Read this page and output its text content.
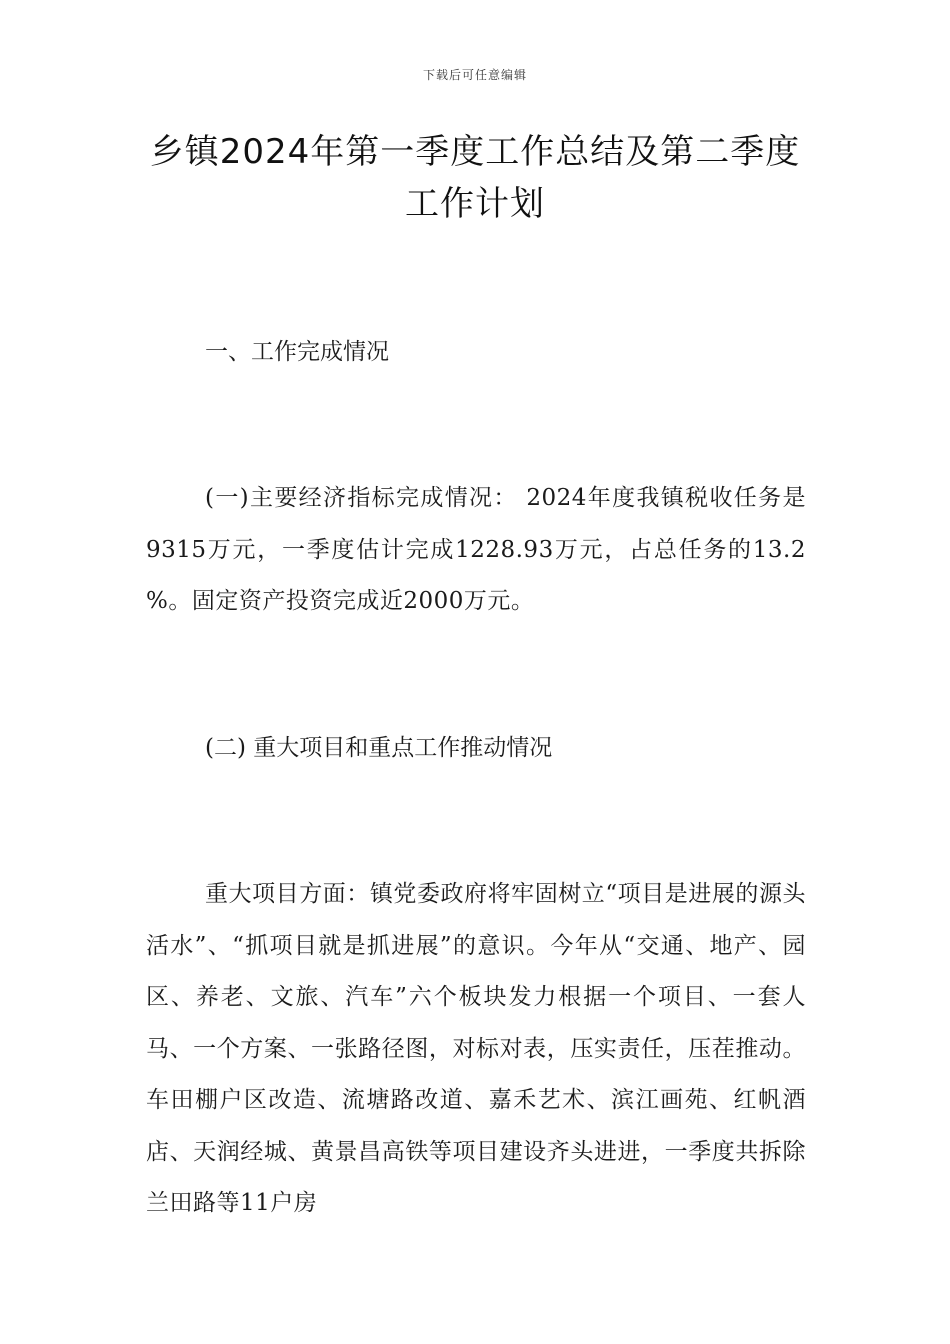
下载后可任意编辑
乡镇2024年第一季度工作总结及第二季度
工作计划
一、工作完成情况
(一)主要经济指标完成情况： 2024年度我镇税收任务是9315万元，一季度估计完成1228.93万元，占总任务的13.2 %。固定资产投资完成近2000万元。
(二) 重大项目和重点工作推动情况
重大项目方面：镇党委政府将牢固树立“项目是进展的源头活水”、“抓项目就是抓进展”的意识。今年从“交通、地产、园区、养老、文旅、汽车”六个板块发力根据一个项目、一套人马、一个方案、一张路径图，对标对表，压实责任，压茬推动。车田棚户区改造、流塘路改道、嘉禾艺术、滨江画苑、红帆酒店、天润经城、黄景昌高铁等项目建设齐头进进，一季度共拆除兰田路等11户房
